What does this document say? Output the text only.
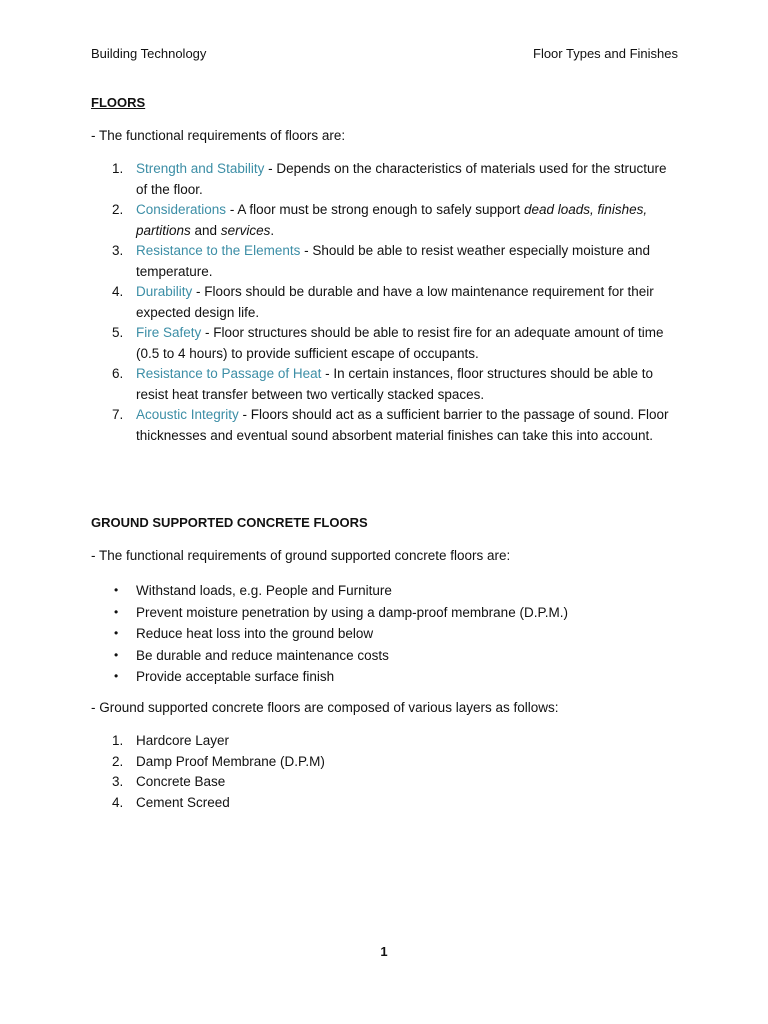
Building Technology	Floor Types and Finishes
FLOORS
- The functional requirements of floors are:
1. Strength and Stability - Depends on the characteristics of materials used for the structure of the floor.
2. Considerations - A floor must be strong enough to safely support dead loads, finishes, partitions and services.
3. Resistance to the Elements - Should be able to resist weather especially moisture and temperature.
4. Durability - Floors should be durable and have a low maintenance requirement for their expected design life.
5. Fire Safety - Floor structures should be able to resist fire for an adequate amount of time (0.5 to 4 hours) to provide sufficient escape of occupants.
6. Resistance to Passage of Heat - In certain instances, floor structures should be able to resist heat transfer between two vertically stacked spaces.
7. Acoustic Integrity - Floors should act as a sufficient barrier to the passage of sound. Floor thicknesses and eventual sound absorbent material finishes can take this into account.
GROUND SUPPORTED CONCRETE FLOORS
- The functional requirements of ground supported concrete floors are:
• Withstand loads, e.g. People and Furniture
• Prevent moisture penetration by using a damp-proof membrane (D.P.M.)
• Reduce heat loss into the ground below
• Be durable and reduce maintenance costs
• Provide acceptable surface finish
- Ground supported concrete floors are composed of various layers as follows:
1. Hardcore Layer
2. Damp Proof Membrane (D.P.M)
3. Concrete Base
4. Cement Screed
1
